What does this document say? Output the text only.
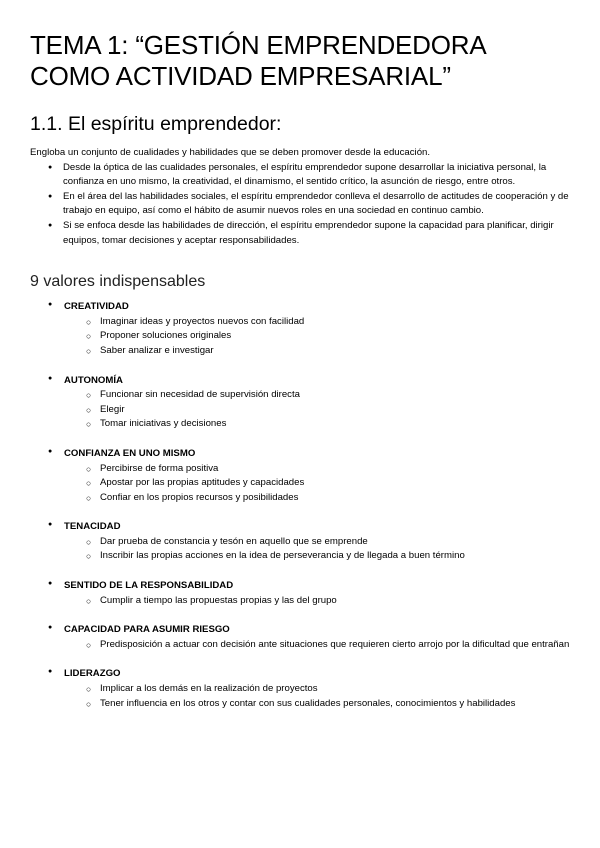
TEMA 1: “GESTIÓN EMPRENDEDORA
COMO ACTIVIDAD EMPRESARIAL”
1.1. El espíritu emprendedor:

Engloba un conjunto de cualidades y habilidades que se deben promover desde la educación.

● Desde la óptica de las cualidades personales, el espíritu emprendedor supone desarrollar la iniciativa personal, la confianza en uno mismo, la creatividad, el dinamismo, el sentido crítico, la asunción de riesgo, entre otros.
● En el área del las habilidades sociales, el espíritu emprendedor conlleva el desarrollo de actitudes de cooperación y de trabajo en equipo, así como el hábito de asumir nuevos roles en una sociedad en continuo cambio.
● Si se enfoca desde las habilidades de dirección, el espíritu emprendedor supone la capacidad para planificar, dirigir equipos, tomar decisiones y aceptar responsabilidades.
9 valores indispensables
● CREATIVIDAD
○ Imaginar ideas y proyectos nuevos con facilidad
○ Proponer soluciones originales
○ Saber analizar e investigar
● AUTONOMÍA
○ Funcionar sin necesidad de supervisión directa
○ Elegir
○ Tomar iniciativas y decisiones
● CONFIANZA EN UNO MISMO
○ Percibirse de forma positiva
○ Apostar por las propias aptitudes y capacidades
○ Confiar en los propios recursos y posibilidades
● TENACIDAD
○ Dar prueba de constancia y tesón en aquello que se emprende
○ Inscribir las propias acciones en la idea de perseverancia y de llegada a buen término
● SENTIDO DE LA RESPONSABILIDAD
○ Cumplir a tiempo las propuestas propias y las del grupo
● CAPACIDAD PARA ASUMIR RIESGO
○ Predisposición a actuar con decisión ante situaciones que requieren cierto arrojo por la dificultad que entrañan
● LIDERAZGO
○ Implicar a los demás en la realización de proyectos
○ Tener influencia en los otros y contar con sus cualidades personales, conocimientos y habilidades
